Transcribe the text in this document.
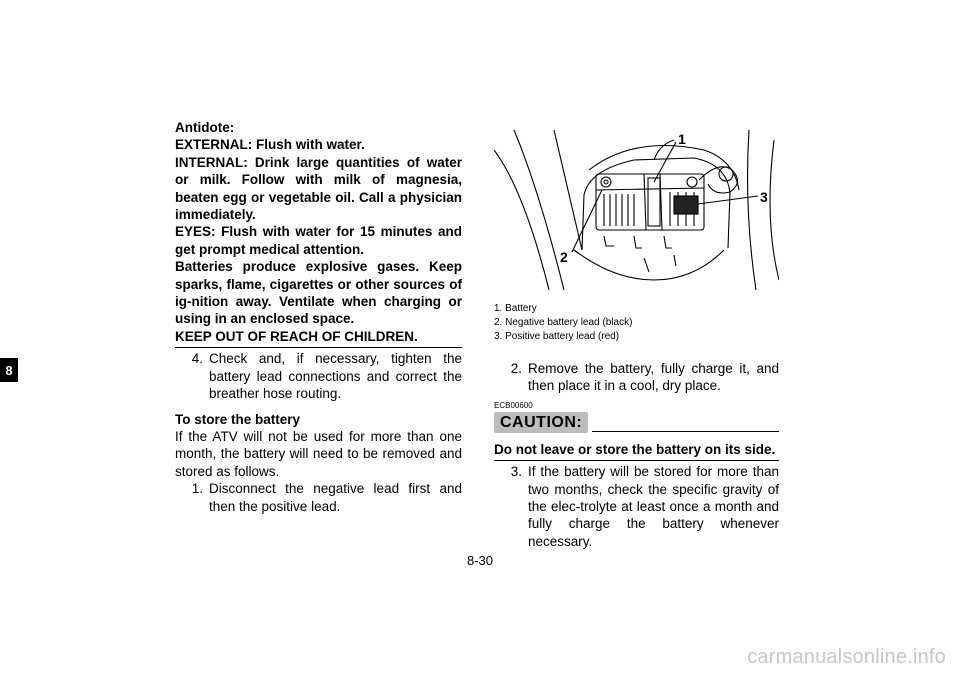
8

Antidote:

EXTERNAL: Flush with water.

INTERNAL: Drink large quantities of water or milk. Follow with milk of magnesia, beaten egg or vegetable oil. Call a physician immediately.

EYES: Flush with water for 15 minutes and get prompt medical attention.

Batteries produce explosive gases. Keep sparks, flame, cigarettes or other sources of ig-nition away. Ventilate when charging or using in an enclosed space.

KEEP OUT OF REACH OF CHILDREN.

4. Check and, if necessary, tighten the battery lead connections and correct the breather hose routing.
To store the battery

If the ATV will not be used for more than one month, the battery will need to be removed and stored as follows.

1. Disconnect the negative lead first and then the positive lead.
1
2
3
1. Battery
2. Negative battery lead (black)
3. Positive battery lead (red)
2. Remove the battery, fully charge it, and then place it in a cool, dry place.
ECB00600
CAUTION:
Do not leave or store the battery on its side.
3. If the battery will be stored for more than two months, check the specific gravity of the elec-trolyte at least once a month and fully charge the battery whenever necessary.
8-30
carmanualsonline.info
